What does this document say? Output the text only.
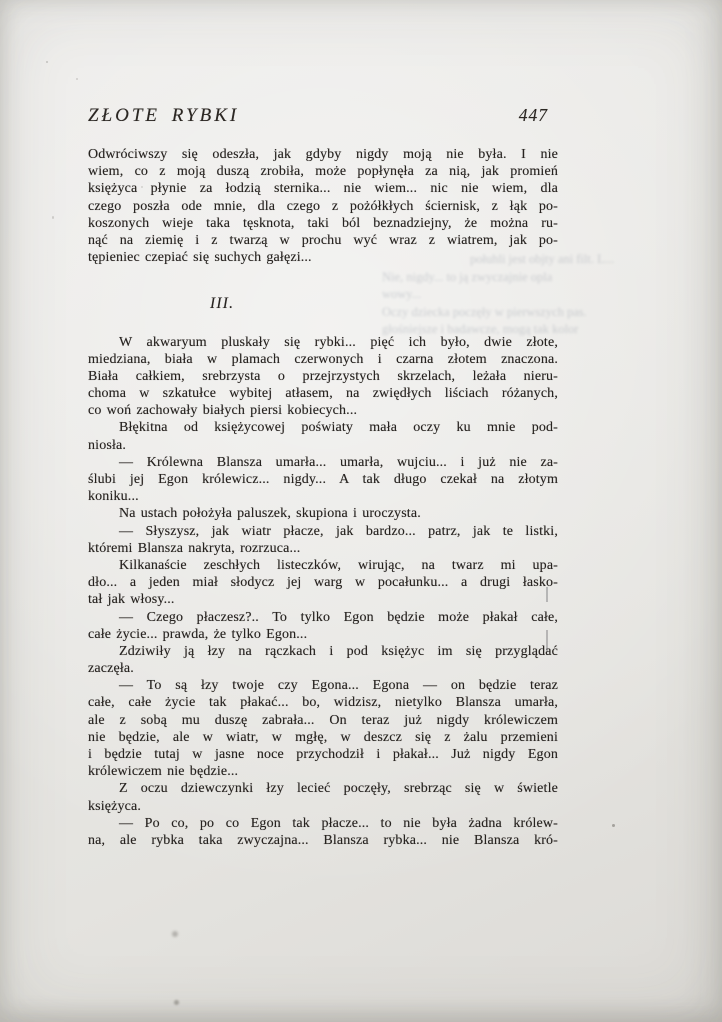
połuhli jest objty ani filt. L...
Nie, nigdy... to ją zwyczajnie opla
wowy...
Oczy dziecka poczęły w pierwszych pas.
głośniejsze i badawcze, mogą tak kolor
ZŁOTE RYBKI	447
Odwróciwszy się odeszła, jak gdyby nigdy moją nie była. I nie
wiem, co z moją duszą zrobiła, może popłynęła za nią, jak promień
księżyca płynie za łodzią sternika... nie wiem... nic nie wiem, dla
czego poszła ode mnie, dla czego z pożółkłych ściernisk, z łąk po-
koszonych wieje taka tęsknota, taki ból beznadziejny, że można ru-
nąć na ziemię i z twarzą w prochu wyć wraz z wiatrem, jak po-
tępieniec czepiać się suchych gałęzi...
III.
W akwaryum pluskały się rybki... pięć ich było, dwie złote,
miedziana, biała w plamach czerwonych i czarna złotem znaczona.
Biała całkiem, srebrzysta o przejrzystych skrzelach, leżała nieru-
choma w szkatułce wybitej atłasem, na zwiędłych liściach różanych,
co woń zachowały białych piersi kobiecych...
Błękitna od księżycowej poświaty mała oczy ku mnie pod-
niosła.
— Królewna Blansza umarła... umarła, wujciu... i już nie za-
ślubi jej Egon królewicz... nigdy... A tak długo czekał na złotym
koniku...
Na ustach położyła paluszek, skupiona i uroczysta.
— Słyszysz, jak wiatr płacze, jak bardzo... patrz, jak te listki,
któremi Blansza nakryta, rozrzuca...
Kilkanaście zeschłych listeczków, wirując, na twarz mi upa-
dło... a jeden miał słodycz jej warg w pocałunku... a drugi łasko-
tał jak włosy...
— Czego płaczesz?.. To tylko Egon będzie może płakał całe,
całe życie... prawda, że tylko Egon...
Zdziwiły ją łzy na rączkach i pod księżyc im się przyglądać
zaczęła.
— To są łzy twoje czy Egona... Egona — on będzie teraz
całe, całe życie tak płakać... bo, widzisz, nietylko Blansza umarła,
ale z sobą mu duszę zabrała... On teraz już nigdy królewiczem
nie będzie, ale w wiatr, w mgłę, w deszcz się z żalu przemieni
i będzie tutaj w jasne noce przychodził i płakał... Już nigdy Egon
królewiczem nie będzie...
Z oczu dziewczynki łzy lecieć poczęły, srebrząc się w świetle
księżyca.
— Po co, po co Egon tak płacze... to nie była żadna królew-
na, ale rybka taka zwyczajna... Blansza rybka... nie Blansza kró-
